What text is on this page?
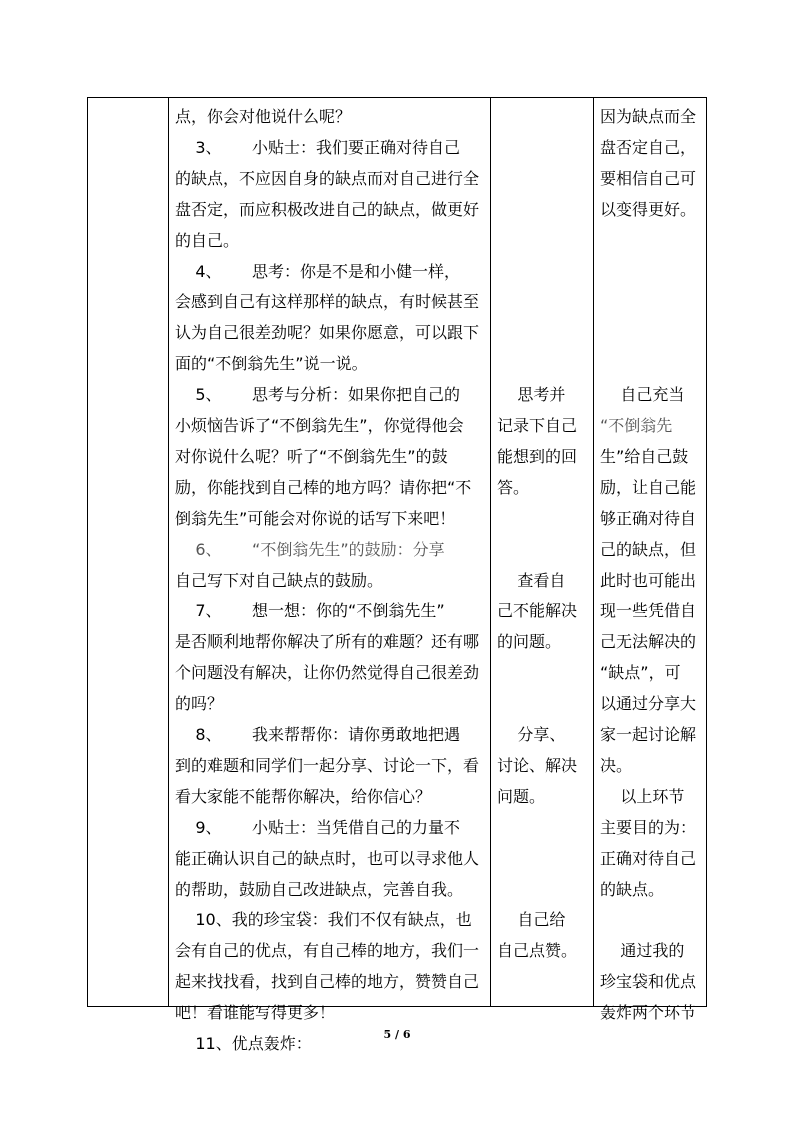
点，你会对他说什么呢？
3、      小贴士：我们要正确对待自己
的缺点，不应因自身的缺点而对自己进行全
盘否定，而应积极改进自己的缺点，做更好
的自己。
4、      思考：你是不是和小健一样，
会感到自己有这样那样的缺点，有时候甚至
认为自己很差劲呢？如果你愿意，可以跟下
面的“不倒翁先生”说一说。
5、      思考与分析：如果你把自己的
小烦恼告诉了“不倒翁先生”，你觉得他会
对你说什么呢？听了“不倒翁先生”的鼓
励，你能找到自己棒的地方吗？请你把“不
倒翁先生”可能会对你说的话写下来吧！
6、      “不倒翁先生”的鼓励：分享
自己写下对自己缺点的鼓励。
7、      想一想：你的“不倒翁先生”
是否顺利地帮你解决了所有的难题？还有哪
个问题没有解决，让你仍然觉得自己很差劲
的吗？
8、      我来帮帮你：请你勇敢地把遇
到的难题和同学们一起分享、讨论一下，看
看大家能不能帮你解决，给你信心？
9、      小贴士：当凭借自己的力量不
能正确认识自己的缺点时，也可以寻求他人
的帮助，鼓励自己改进缺点，完善自我。
10、我的珍宝袋：我们不仅有缺点，也
会有自己的优点，有自己棒的地方，我们一
起来找找看，找到自己棒的地方，赞赞自己
吧！看谁能写得更多！
11、优点轰炸：
思考并
记录下自己
能想到的回
答。
查看自
己不能解决
的问题。
分享、
讨论、解决
问题。
自己给
自己点赞。
因为缺点而全
盘否定自己，
要相信自己可
以变得更好。
自己充当
“不倒翁先
生”给自己鼓
励，让自己能
够正确对待自
己的缺点，但
此时也可能出
现一些凭借自
己无法解决的
“缺点”，可
以通过分享大
家一起讨论解
决。
以上环节
主要目的为：
正确对待自己
的缺点。
通过我的
珍宝袋和优点
轰炸两个环节
5 / 6
